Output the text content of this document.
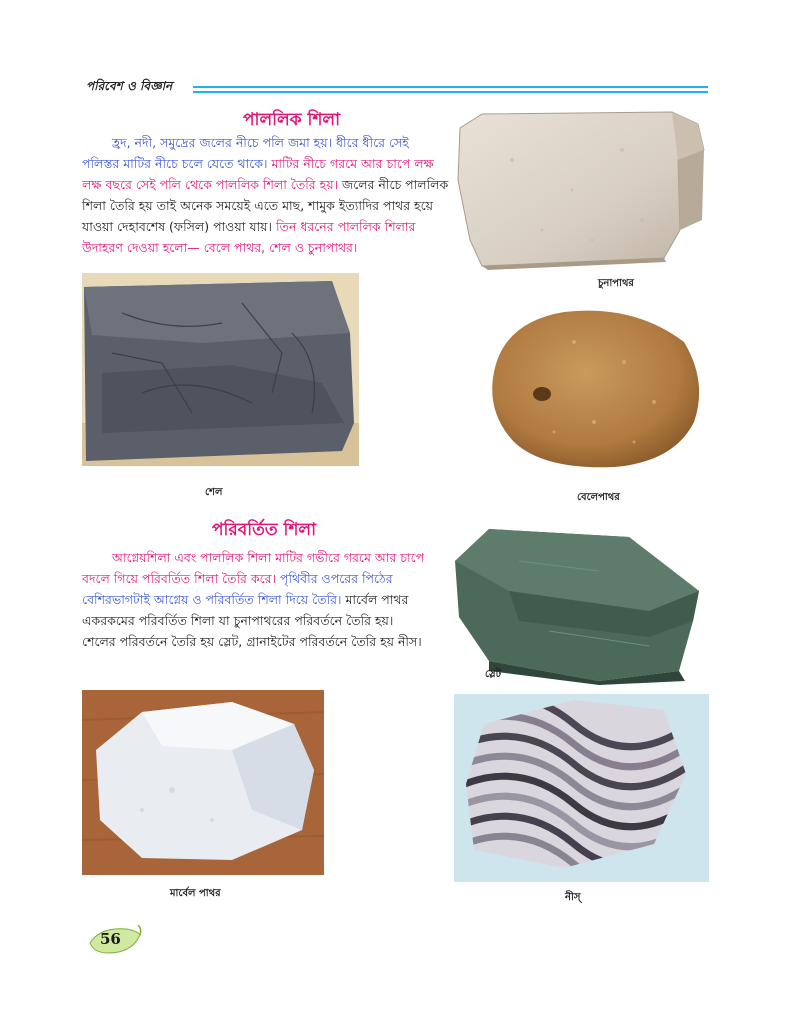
পরিবেশ ও বিজ্ঞান
পাললিক শিলা
হ্রদ, নদী, সমুদ্রের জলের নীচে পলি জমা হয়। ধীরে ধীরে সেই
পলিস্তর মাটির নীচে চলে যেতে থাকে। মাটির নীচে গরমে আর চাপে লক্ষ
লক্ষ বছরে সেই পলি থেকে পাললিক শিলা তৈরি হয়। জলের নীচে পাললিক
শিলা তৈরি হয় তাই অনেক সময়েই এতে মাছ, শামুক ইত্যাদির পাথর হয়ে
যাওয়া দেহাবশেষ (ফসিল) পাওয়া যায়। তিন ধরনের পাললিক শিলার
উদাহরণ দেওয়া হলো— বেলে পাথর, শেল ও চুনাপাথর।
চুনাপাথর
শেল	বেলেপাথর
পরিবর্তিত শিলা
আগ্নেয়শিলা এবং পাললিক শিলা মাটির গভীরে গরমে আর চাপে
বদলে গিয়ে পরিবর্তিত শিলা তৈরি করে। পৃথিবীর ওপরের পিঠের
বেশিরভাগটাই আগ্নেয় ও পরিবর্তিত শিলা দিয়ে তৈরি। মার্বেল পাথর
একরকমের পরিবর্তিত শিলা যা চুনাপাথরের পরিবর্তনে তৈরি হয়।
শেলের পরিবর্তনে তৈরি হয় স্লেট, গ্রানাইটের পরিবর্তনে তৈরি হয় নীস।
স্লেট
মার্বেল পাথর	নীস্
56
